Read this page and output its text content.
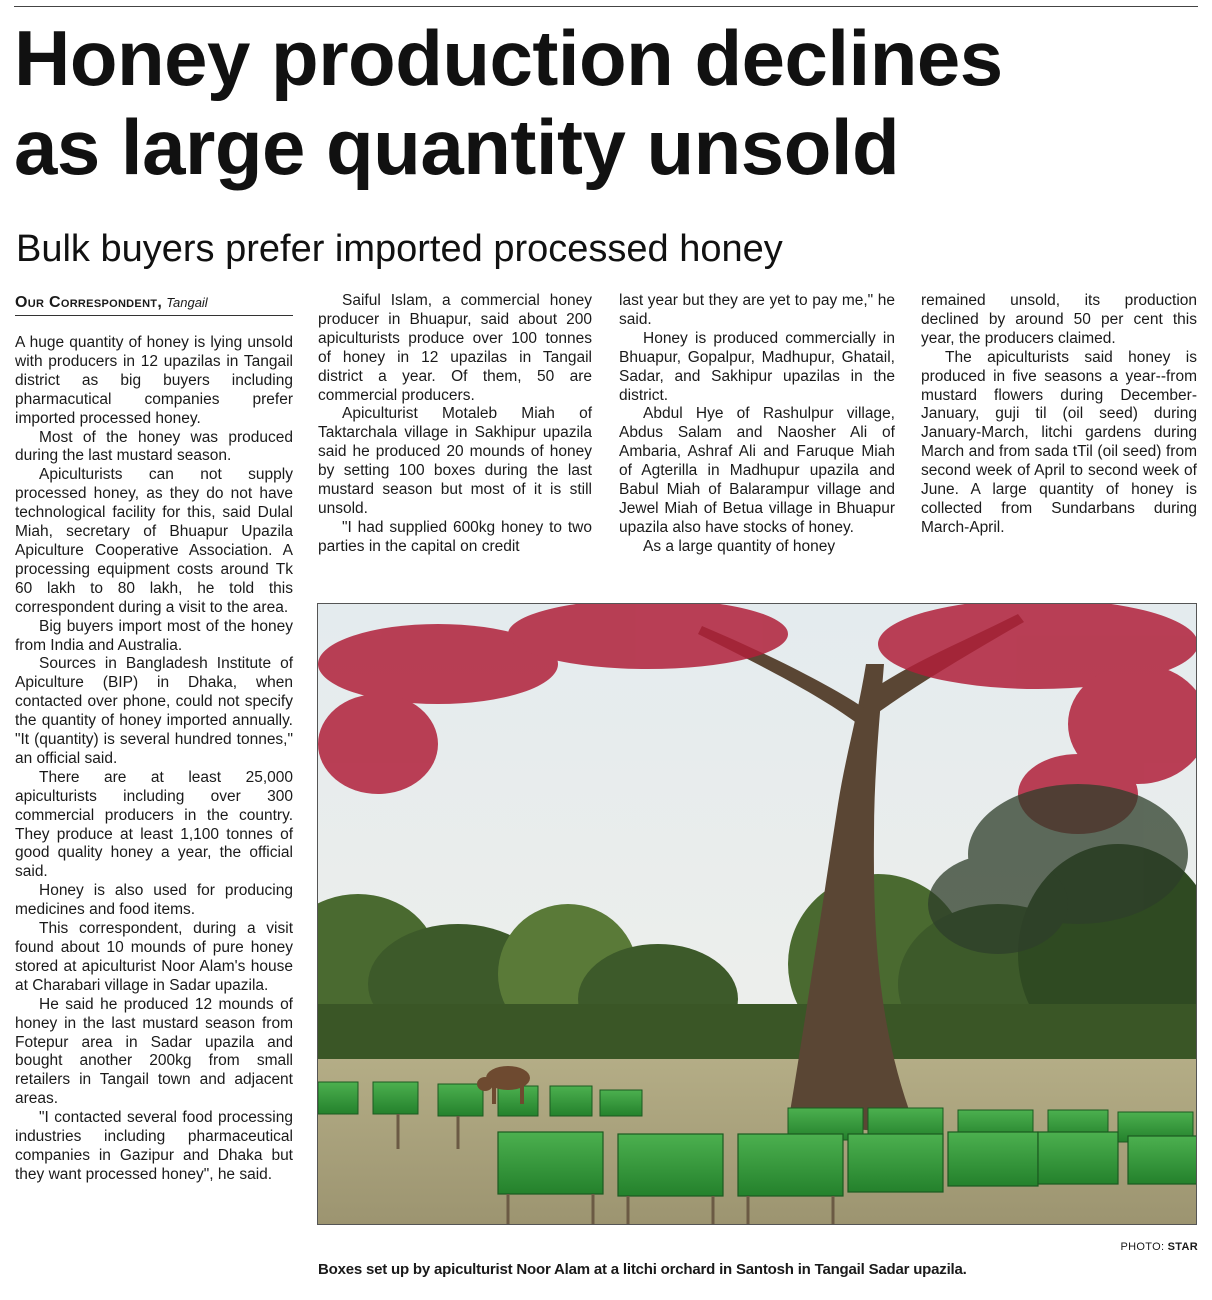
Honey production declines
as large quantity unsold
Bulk buyers prefer imported processed honey
Our Correspondent, Tangail

A huge quantity of honey is lying unsold with producers in 12 upazilas in Tangail district as big buyers including pharmacutical companies prefer imported processed honey.

Most of the honey was produced during the last mustard season.

Apiculturists can not supply processed honey, as they do not have technological facility for this, said Dulal Miah, secretary of Bhuapur Upazila Apiculture Cooperative Association. A processing equipment costs around Tk 60 lakh to 80 lakh, he told this correspondent during a visit to the area.

Big buyers import most of the honey from India and Australia.

Sources in Bangladesh Institute of Apiculture (BIP) in Dhaka, when contacted over phone, could not specify the quantity of honey imported annually. "It (quantity) is several hundred tonnes," an official said.

There are at least 25,000 apiculturists including over 300 commercial producers in the country. They produce at least 1,100 tonnes of good quality honey a year, the official said.

Honey is also used for producing medicines and food items.

This correspondent, during a visit found about 10 mounds of pure honey stored at apiculturist Noor Alam's house at Charabari village in Sadar upazila.

He said he produced 12 mounds of honey in the last mustard season from Fotepur area in Sadar upazila and bought another 200kg from small retailers in Tangail town and adjacent areas.

"I contacted several food processing industries including pharmaceutical companies in Gazipur and Dhaka but they want processed honey", he said.

Saiful Islam, a commercial honey producer in Bhuapur, said about 200 apiculturists produce over 100 tonnes of honey in 12 upazilas in Tangail district a year. Of them, 50 are commercial producers.

Apiculturist Motaleb Miah of Taktarchala village in Sakhipur upazila said he produced 20 mounds of honey by setting 100 boxes during the last mustard season but most of it is still unsold.

"I had supplied 600kg honey to two parties in the capital on credit

last year but they are yet to pay me," he said.

Honey is produced commercially in Bhuapur, Gopalpur, Madhupur, Ghatail, Sadar, and Sakhipur upazilas in the district.

Abdul Hye of Rashulpur village, Abdus Salam and Naosher Ali of Ambaria, Ashraf Ali and Faruque Miah of Agterilla in Madhupur upazila and Babul Miah of Balarampur village and Jewel Miah of Betua village in Bhuapur upazila also have stocks of honey.

As a large quantity of honey

remained unsold, its production declined by around 50 per cent this year, the producers claimed.

The apiculturists said honey is produced in five seasons a year--from mustard flowers during December-January, guji til (oil seed) during January-March, litchi gardens during March and from sada tTil (oil seed) from second week of April to second week of June. A large quantity of honey is collected from Sundarbans during March-April.

PHOTO: STAR
Boxes set up by apiculturist Noor Alam at a litchi orchard in Santosh in Tangail Sadar upazila.
